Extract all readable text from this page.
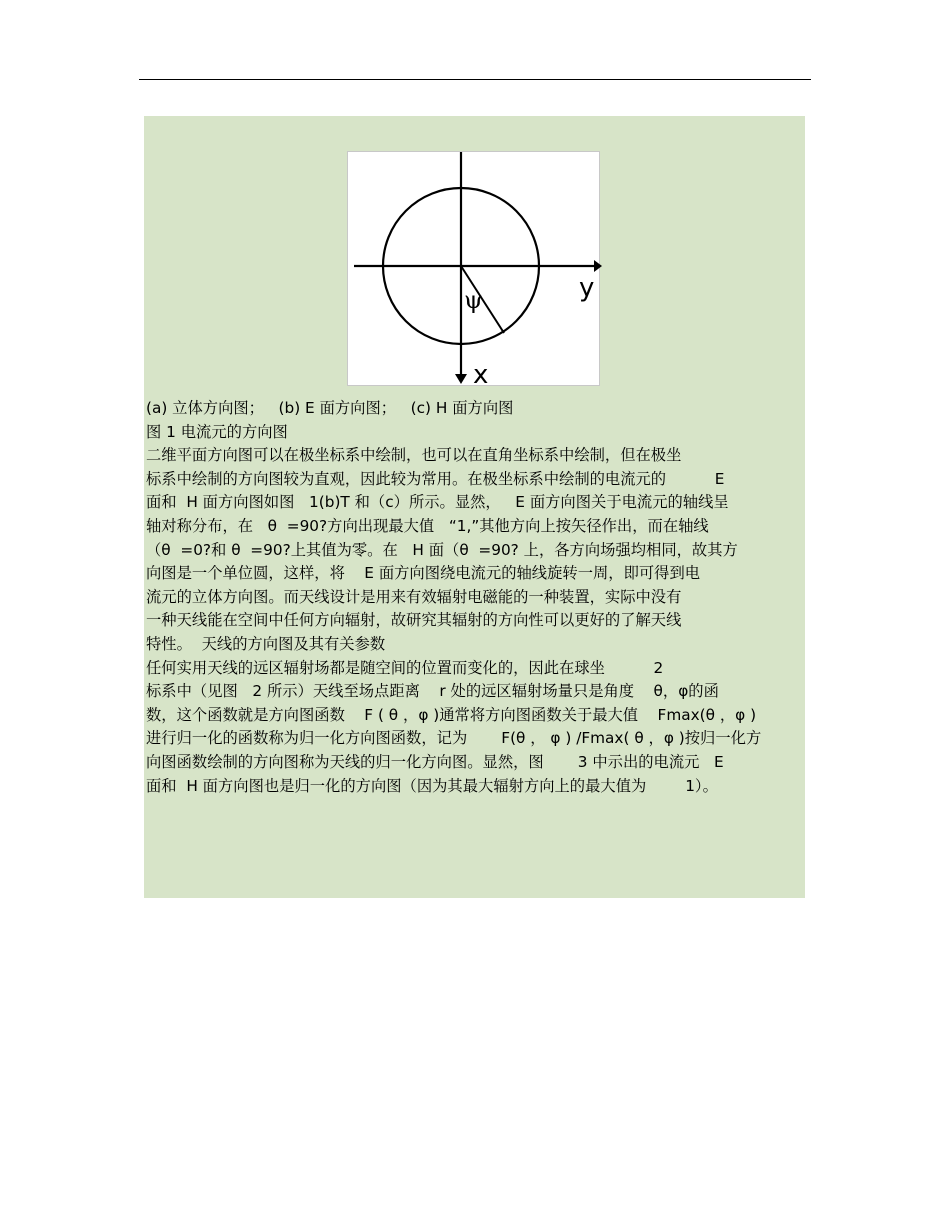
ψ	y
x
(a) 立体方向图；   (b) E 面方向图；   (c) H 面方向图
图 1 电流元的方向图
二维平面方向图可以在极坐标系中绘制，也可以在直角坐标系中绘制，但在极坐
标系中绘制的方向图较为直观，因此较为常用。在极坐标系中绘制的电流元的          E
面和  H 面方向图如图   1(b)T 和（c）所示。显然，   E 面方向图关于电流元的轴线呈
轴对称分布，在   θ  =90?方向出现最大值   “1,”其他方向上按矢径作出，而在轴线
（θ  =0?和 θ  =90?上其值为零。在   H 面（θ  =90? 上，各方向场强均相同，故其方
向图是一个单位圆，这样，将    E 面方向图绕电流元的轴线旋转一周，即可得到电
流元的立体方向图。而天线设计是用来有效辐射电磁能的一种装置，实际中没有
一种天线能在空间中任何方向辐射，故研究其辐射的方向性可以更好的了解天线
特性。  天线的方向图及其有关参数
任何实用天线的远区辐射场都是随空间的位置而变化的，因此在球坐          2
标系中（见图   2 所示）天线至场点距离    r 处的远区辐射场量只是角度    θ，φ的函
数，这个函数就是方向图函数    F ( θ ，φ )通常将方向图函数关于最大值    Fmax(θ ，φ )
进行归一化的函数称为归一化方向图函数，记为       F(θ ， φ ) /Fmax( θ ，φ )按归一化方
向图函数绘制的方向图称为天线的归一化方向图。显然，图       3 中示出的电流元   E
面和  H 面方向图也是归一化的方向图（因为其最大辐射方向上的最大值为        1）。
